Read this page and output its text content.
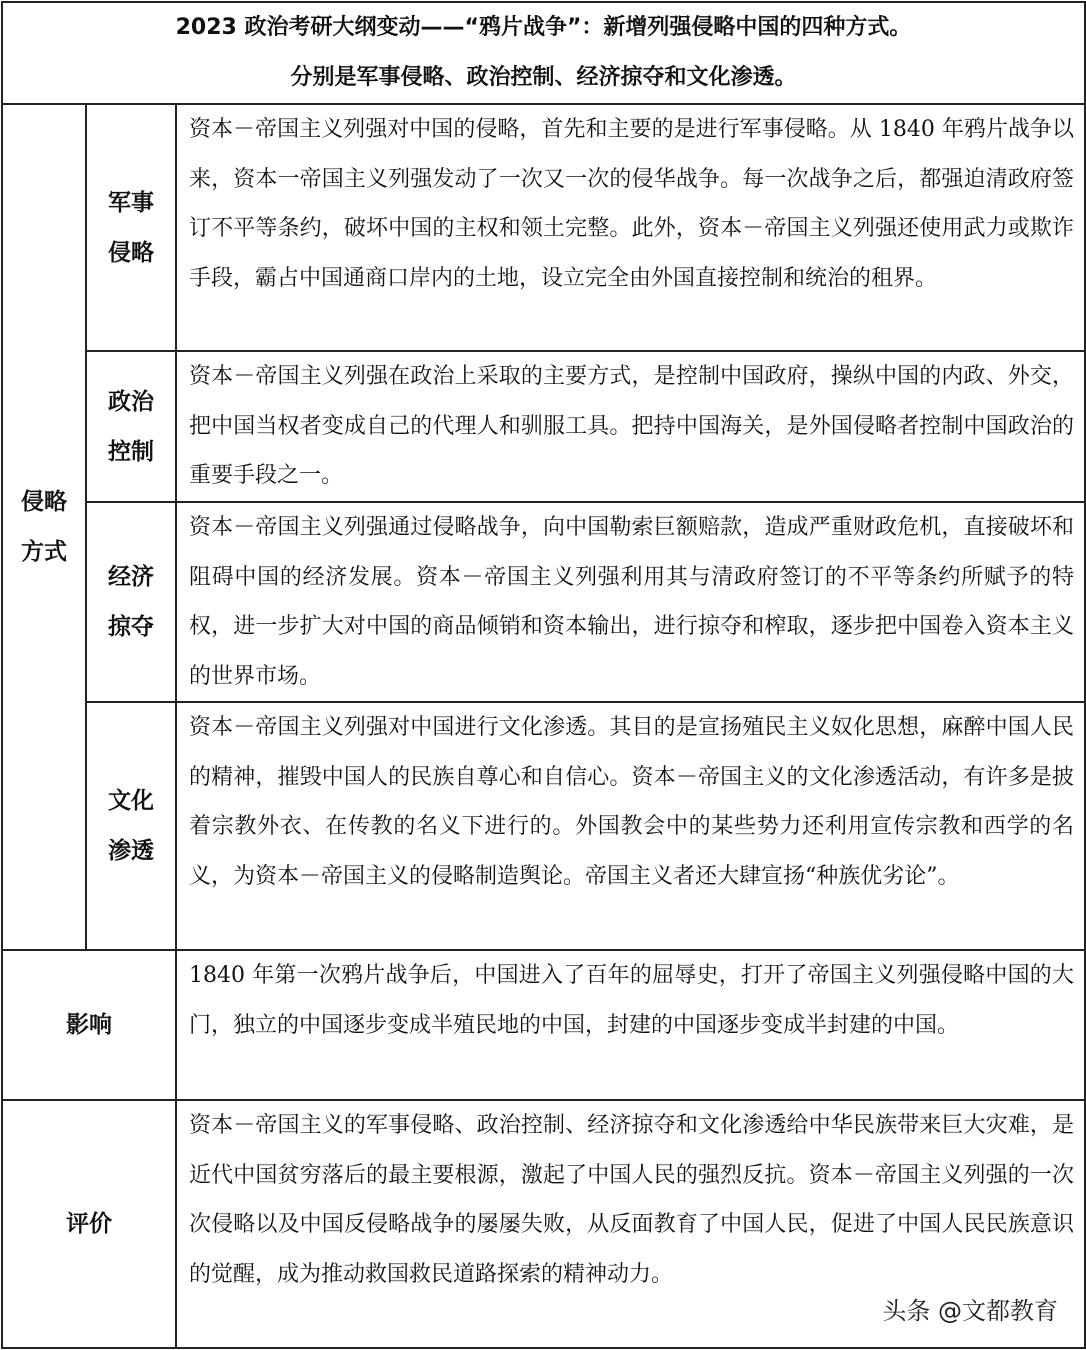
2023 政治考研大纲变动——“鸦片战争”：新增列强侵略中国的四种方式。
分别是军事侵略、政治控制、经济掠夺和文化渗透。		

侵略方式	军事侵略	资本－帝国主义列强对中国的侵略，首先和主要的是进行军事侵略。从 1840 年鸦片战争以来，资本一帝国主义列强发动了一次又一次的侵华战争。每一次战争之后，都强迫清政府签订不平等条约，破坏中国的主权和领土完整。此外，资本－帝国主义列强还使用武力或欺诈手段，霸占中国通商口岸内的土地，设立完全由外国直接控制和统治的租界。
	政治控制	资本－帝国主义列强在政治上采取的主要方式，是控制中国政府，操纵中国的内政、外交，把中国当权者变成自己的代理人和驯服工具。把持中国海关，是外国侵略者控制中国政治的重要手段之一。
	经济掠夺	资本－帝国主义列强通过侵略战争，向中国勒索巨额赔款，造成严重财政危机，直接破坏和阻碍中国的经济发展。资本－帝国主义列强利用其与清政府签订的不平等条约所赋予的特权，进一步扩大对中国的商品倾销和资本输出，进行掠夺和榨取，逐步把中国卷入资本主义的世界市场。
	文化渗透	资本－帝国主义列强对中国进行文化渗透。其目的是宣扬殖民主义奴化思想，麻醉中国人民的精神，摧毁中国人的民族自尊心和自信心。资本－帝国主义的文化渗透活动，有许多是披着宗教外衣、在传教的名义下进行的。外国教会中的某些势力还利用宣传宗教和西学的名义，为资本－帝国主义的侵略制造舆论。帝国主义者还大肆宣扬“种族优劣论”。
影响		1840 年第一次鸦片战争后，中国进入了百年的屈辱史，打开了帝国主义列强侵略中国的大门，独立的中国逐步变成半殖民地的中国，封建的中国逐步变成半封建的中国。
评价		资本－帝国主义的军事侵略、政治控制、经济掠夺和文化渗透给中华民族带来巨大灾难，是近代中国贫穷落后的最主要根源，激起了中国人民的强烈反抗。资本－帝国主义列强的一次次侵略以及中国反侵略战争的屡屡失败，从反面教育了中国人民，促进了中国人民民族意识的觉醒，成为推动救国救民道路探索的精神动力。
头条 @文都教育
